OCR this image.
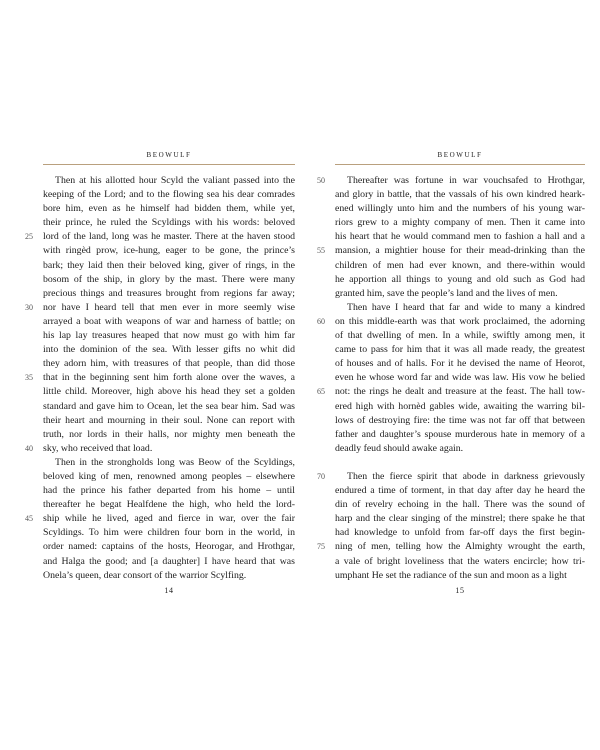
BEOWULF
Then at his allotted hour Scyld the valiant passed into the
keeping of the Lord; and to the flowing sea his dear comrades
bore him, even as he himself had bidden them, while yet,
their prince, he ruled the Scyldings with his words: beloved
25 lord of the land, long was he master. There at the haven stood
with ringèd prow, ice-hung, eager to be gone, the prince’s
bark; they laid then their beloved king, giver of rings, in the
bosom of the ship, in glory by the mast. There were many
precious things and treasures brought from regions far away;
30 nor have I heard tell that men ever in more seemly wise
arrayed a boat with weapons of war and harness of battle; on
his lap lay treasures heaped that now must go with him far
into the dominion of the sea. With lesser gifts no whit did
they adorn him, with treasures of that people, than did those
35 that in the beginning sent him forth alone over the waves, a
little child. Moreover, high above his head they set a golden
standard and gave him to Ocean, let the sea bear him. Sad was
their heart and mourning in their soul. None can report with
truth, nor lords in their halls, nor mighty men beneath the
40 sky, who received that load.
Then in the strongholds long was Beow of the Scyldings,
beloved king of men, renowned among peoples – elsewhere
had the prince his father departed from his home – until
thereafter he begat Healfdene the high, who held the lord-
45 ship while he lived, aged and fierce in war, over the fair
Scyldings. To him were children four born in the world, in
order named: captains of the hosts, Heorogar, and Hrothgar,
and Halga the good; and [a daughter] I have heard that was
Onela’s queen, dear consort of the warrior Scylfing.
BEOWULF
50 Thereafter was fortune in war vouchsafed to Hrothgar,
and glory in battle, that the vassals of his own kindred heark-
ened willingly unto him and the numbers of his young war-
riors grew to a mighty company of men. Then it came into
his heart that he would command men to fashion a hall and a
55 mansion, a mightier house for their mead-drinking than the
children of men had ever known, and there-within would
he apportion all things to young and old such as God had
granted him, save the people’s land and the lives of men.
Then have I heard that far and wide to many a kindred
60 on this middle-earth was that work proclaimed, the adorning
of that dwelling of men. In a while, swiftly among men, it
came to pass for him that it was all made ready, the greatest
of houses and of halls. For it he devised the name of Heorot,
even he whose word far and wide was law. His vow he belied
65 not: the rings he dealt and treasure at the feast. The hall tow-
ered high with hornèd gables wide, awaiting the warring bil-
lows of destroying fire: the time was not far off that between
father and daughter’s spouse murderous hate in memory of a
deadly feud should awake again.
70 Then the fierce spirit that abode in darkness grievously
endured a time of torment, in that day after day he heard the
din of revelry echoing in the hall. There was the sound of
harp and the clear singing of the minstrel; there spake he that
had knowledge to unfold from far-off days the first begin-
75 ning of men, telling how the Almighty wrought the earth,
a vale of bright loveliness that the waters encircle; how tri-
umphant He set the radiance of the sun and moon as a light
14	15
